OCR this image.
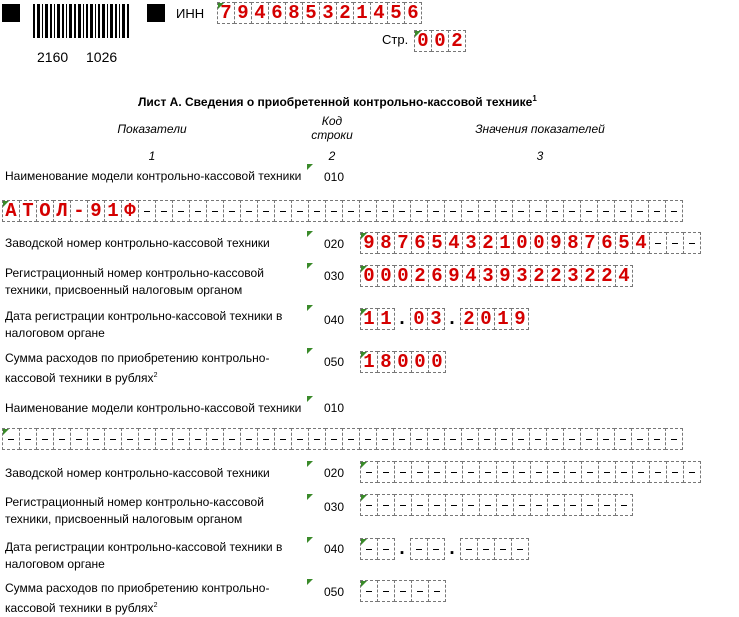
2160 1026
ИНН 7 9 4 6 8 5 3 2 1 4 5 6
Стр. 0 0 2
Лист А. Сведения о приобретенной контрольно-кассовой технике$^1$
Показатели
Код строки	Значения показателей
1	2	3
Наименование модели контрольно-кассовой техники 010
А Т О Л - 9 1 Ф
Заводской номер контрольно-кассовой техники	020 9 8 7 6 5 4 3 2 1 0 0 9 8 7 6 5 4
Регистрационный номер контрольно-кассовой
техники, присвоенный налоговым органом
030 0 0 0 2 6 9 4 3 9 3 2 2 3 2 2 4
Дата регистрации контрольно-кассовой техники в
налоговом органе
040 1 1 . 0 3 . 2 0 1 9
Сумма расходов по приобретению контрольно-
кассовой техники в рублях$^2$
050 1 8 0 0 0
Наименование модели контрольно-кассовой техники 010
Заводской номер контрольно-кассовой техники	020
Регистрационный номер контрольно-кассовой
техники, присвоенный налоговым органом
030
Дата регистрации контрольно-кассовой техники в
налоговом органе
040	. .
Сумма расходов по приобретению контрольно-
кассовой техники в рублях$^2$
050
